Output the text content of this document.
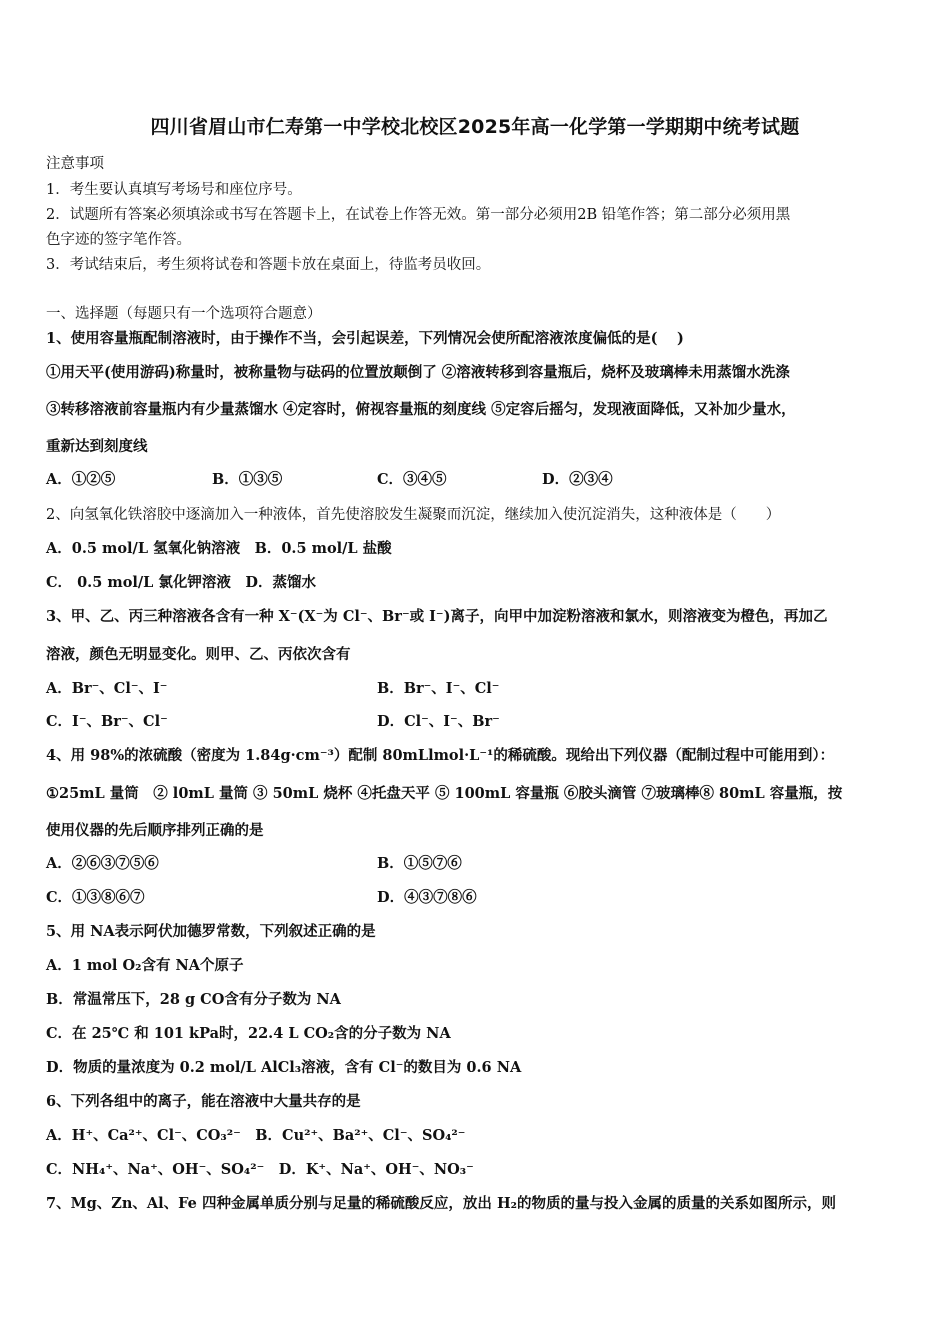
四川省眉山市仁寿第一中学校北校区2025年高一化学第一学期期中统考试题
注意事项
1．考生要认真填写考场号和座位序号。
2．试题所有答案必须填涂或书写在答题卡上，在试卷上作答无效。第一部分必须用2B 铅笔作答；第二部分必须用黑
色字迹的签字笔作答。
3．考试结束后，考生须将试卷和答题卡放在桌面上，待监考员收回。
一、选择题（每题只有一个选项符合题意）
1、使用容量瓶配制溶液时，由于操作不当，会引起误差，下列情况会使所配溶液浓度偏低的是(　 )
①用天平(使用游码)称量时，被称量物与砝码的位置放颠倒了 ②溶液转移到容量瓶后，烧杯及玻璃棒未用蒸馏水洗涤
③转移溶液前容量瓶内有少量蒸馏水 ④定容时，俯视容量瓶的刻度线 ⑤定容后摇匀，发现液面降低，又补加少量水，
重新达到刻度线
A．①②⑤	B．①③⑤	C．③④⑤	D．②③④
2、向氢氧化铁溶胶中逐滴加入一种液体，首先使溶胶发生凝聚而沉淀，继续加入使沉淀消失，这种液体是（　　）
A．0.5 mol/L 氢氧化钠溶液　B．0.5 mol/L 盐酸
C． 0.5 mol/L 氯化钾溶液　D．蒸馏水
3、甲、乙、丙三种溶液各含有一种 X⁻(X⁻为 Cl⁻、Br⁻或 I⁻)离子，向甲中加淀粉溶液和氯水，则溶液变为橙色，再加乙
溶液，颜色无明显变化。则甲、乙、丙依次含有
A．Br⁻、Cl⁻、I⁻	B．Br⁻、I⁻、Cl⁻
C．I⁻、Br⁻、Cl⁻	D．Cl⁻、I⁻、Br⁻
4、用 98%的浓硫酸（密度为 1.84g·cm⁻³）配制 80mLlmol·L⁻¹的稀硫酸。现给出下列仪器（配制过程中可能用到）：
①25mL 量筒　② l0mL 量筒 ③ 50mL 烧杯 ④托盘天平 ⑤ 100mL 容量瓶 ⑥胶头滴管 ⑦玻璃棒⑧ 80mL 容量瓶，按
使用仪器的先后顺序排列正确的是
A．②⑥③⑦⑤⑥	B．①⑤⑦⑥
C．①③⑧⑥⑦	D．④③⑦⑧⑥
5、用 NA表示阿伏加德罗常数，下列叙述正确的是
A．1 mol O₂含有 NA个原子
B．常温常压下，28 g CO含有分子数为 NA
C．在 25℃ 和 101 kPa时，22.4 L CO₂含的分子数为 NA
D．物质的量浓度为 0.2 mol/L AlCl₃溶液，含有 Cl⁻的数目为 0.6 NA
6、下列各组中的离子，能在溶液中大量共存的是
A．H⁺、Ca²⁺、Cl⁻、CO₃²⁻　B．Cu²⁺、Ba²⁺、Cl⁻、SO₄²⁻
C．NH₄⁺、Na⁺、OH⁻、SO₄²⁻　D．K⁺、Na⁺、OH⁻、NO₃⁻
7、Mg、Zn、Al、Fe 四种金属单质分别与足量的稀硫酸反应，放出 H₂的物质的量与投入金属的质量的关系如图所示，则
